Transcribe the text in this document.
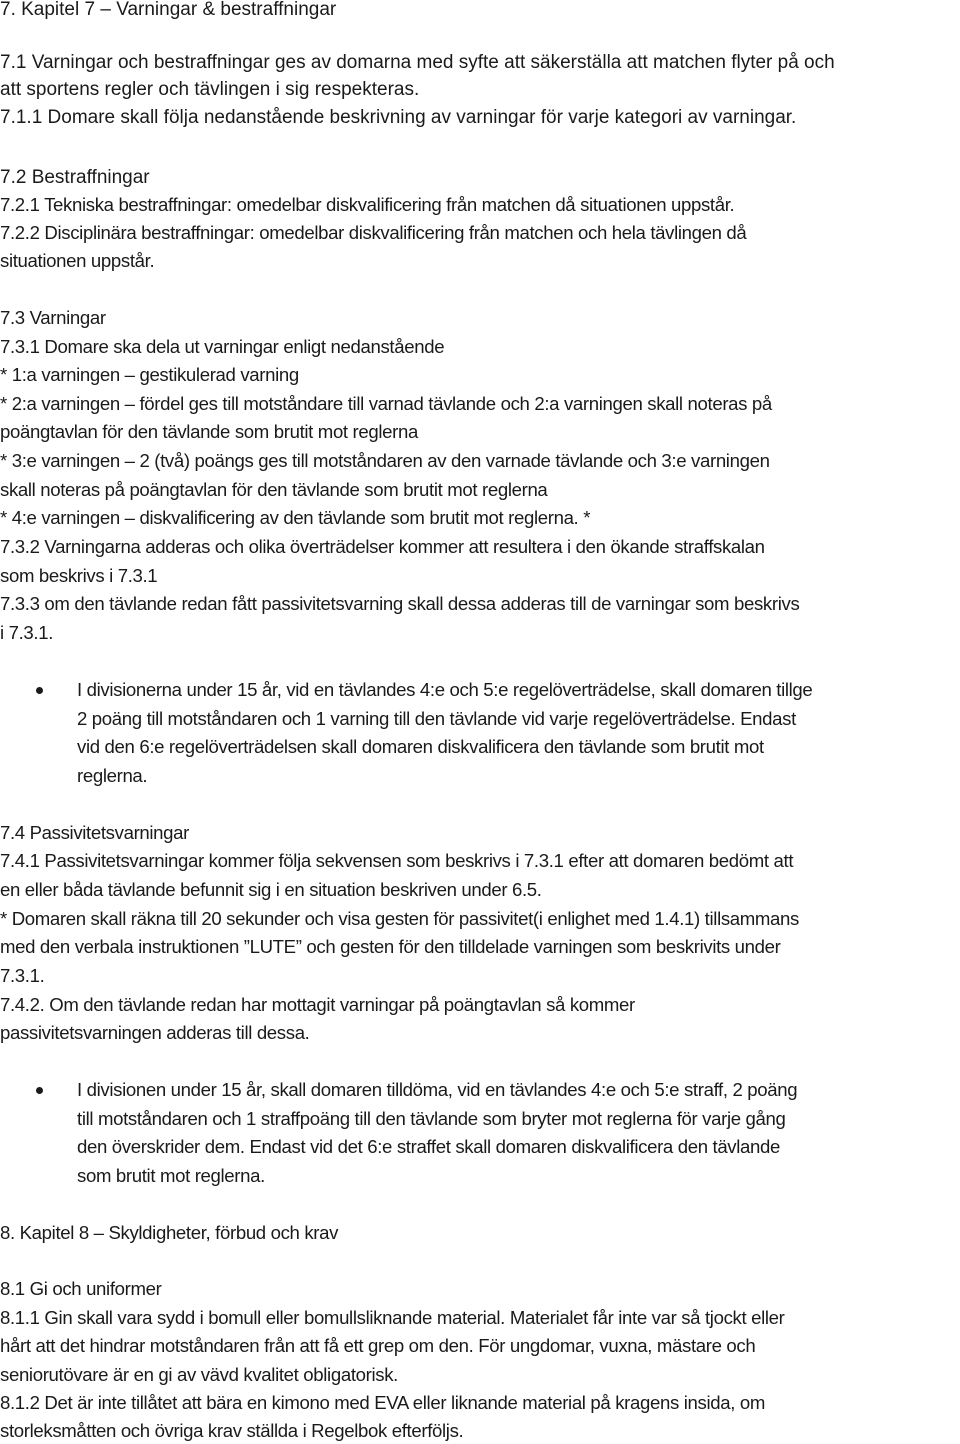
7. Kapitel 7 – Varningar & bestraffningar
7.1 Varningar och bestraffningar ges av domarna med syfte att säkerställa att matchen flyter på och
att sportens regler och tävlingen i sig respekteras.
7.1.1 Domare skall följa nedanstående beskrivning av varningar för varje kategori av varningar.
7.2 Bestraffningar
7.2.1 Tekniska bestraffningar: omedelbar diskvalificering från matchen då situationen uppstår.
7.2.2 Disciplinära bestraffningar: omedelbar diskvalificering från matchen och hela tävlingen då
situationen uppstår.
7.3 Varningar
7.3.1 Domare ska dela ut varningar enligt nedanstående
* 1:a varningen – gestikulerad varning
* 2:a varningen – fördel ges till motståndare till varnad tävlande och 2:a varningen skall noteras på
poängtavlan för den tävlande som brutit mot reglerna
* 3:e varningen – 2 (två) poängs ges till motståndaren av den varnade tävlande och 3:e varningen
skall noteras på poängtavlan för den tävlande som brutit mot reglerna
* 4:e varningen – diskvalificering av den tävlande som brutit mot reglerna. *
7.3.2 Varningarna adderas och olika överträdelser kommer att resultera i den ökande straffskalan
som beskrivs i 7.3.1
7.3.3 om den tävlande redan fått passivitetsvarning skall dessa adderas till de varningar som beskrivs
i 7.3.1.
I divisionerna under 15 år, vid en tävlandes 4:e och 5:e regelöverträdelse, skall domaren tillge
2 poäng till motståndaren och 1 varning till den tävlande vid varje regelöverträdelse. Endast
vid den 6:e regelöverträdelsen skall domaren diskvalificera den tävlande som brutit mot
reglerna.
7.4 Passivitetsvarningar
7.4.1 Passivitetsvarningar kommer följa sekvensen som beskrivs i 7.3.1 efter att domaren bedömt att
en eller båda tävlande befunnit sig i en situation beskriven under 6.5.
* Domaren skall räkna till 20 sekunder och visa gesten för passivitet(i enlighet med 1.4.1) tillsammans
med den verbala instruktionen ”LUTE” och gesten för den tilldelade varningen som beskrivits under
7.3.1.
7.4.2. Om den tävlande redan har mottagit varningar på poängtavlan så kommer
passivitetsvarningen adderas till dessa.
I divisionen under 15 år, skall domaren tilldöma, vid en tävlandes 4:e och 5:e straff, 2 poäng
till motståndaren och 1 straffpoäng till den tävlande som bryter mot reglerna för varje gång
den överskrider dem. Endast vid det 6:e straffet skall domaren diskvalificera den tävlande
som brutit mot reglerna.
8. Kapitel 8 – Skyldigheter, förbud och krav
8.1 Gi och uniformer
8.1.1 Gin skall vara sydd i bomull eller bomullsliknande material. Materialet får inte var så tjockt eller
hårt att det hindrar motståndaren från att få ett grep om den. För ungdomar, vuxna, mästare och
seniorutövare är en gi av vävd kvalitet obligatorisk.
8.1.2 Det är inte tillåtet att bära en kimono med EVA eller liknande material på kragens insida, om
storleksmåtten och övriga krav ställda i Regelbok efterföljs.
